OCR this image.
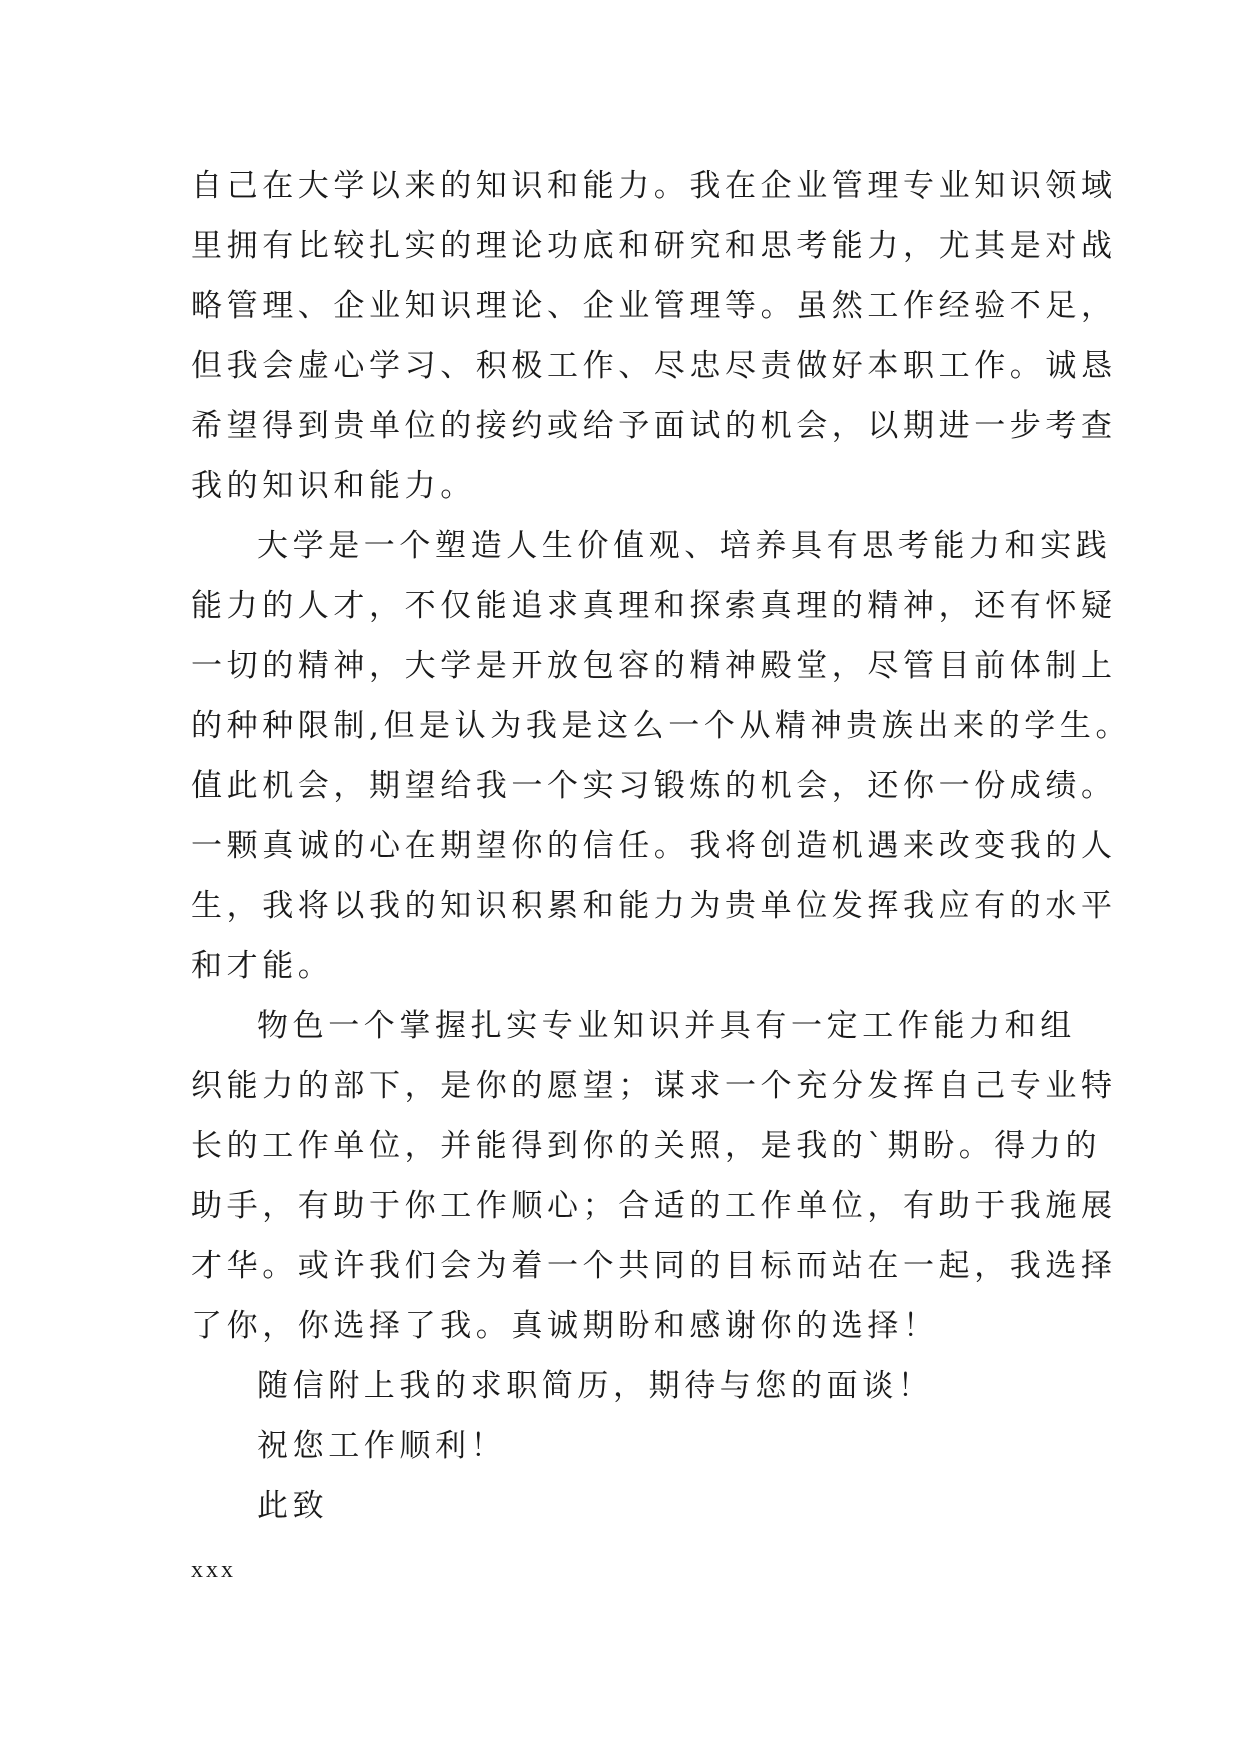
自己在大学以来的知识和能力。我在企业管理专业知识领域
里拥有比较扎实的理论功底和研究和思考能力，尤其是对战
略管理、企业知识理论、企业管理等。虽然工作经验不足，
但我会虚心学习、积极工作、尽忠尽责做好本职工作。诚恳
希望得到贵单位的接约或给予面试的机会，以期进一步考查
我的知识和能力。
大学是一个塑造人生价值观、培养具有思考能力和实践
能力的人才，不仅能追求真理和探索真理的精神，还有怀疑
一切的精神，大学是开放包容的精神殿堂，尽管目前体制上
的种种限制,但是认为我是这么一个从精神贵族出来的学生。
值此机会，期望给我一个实习锻炼的机会，还你一份成绩。
一颗真诚的心在期望你的信任。我将创造机遇来改变我的人
生，我将以我的知识积累和能力为贵单位发挥我应有的水平
和才能。
物色一个掌握扎实专业知识并具有一定工作能力和组
织能力的部下，是你的愿望；谋求一个充分发挥自己专业特
长的工作单位，并能得到你的关照，是我的`期盼。得力的
助手，有助于你工作顺心；合适的工作单位，有助于我施展
才华。或许我们会为着一个共同的目标而站在一起，我选择
了你，你选择了我。真诚期盼和感谢你的选择！
随信附上我的求职简历，期待与您的面谈！
祝您工作顺利！
此致
xxx
